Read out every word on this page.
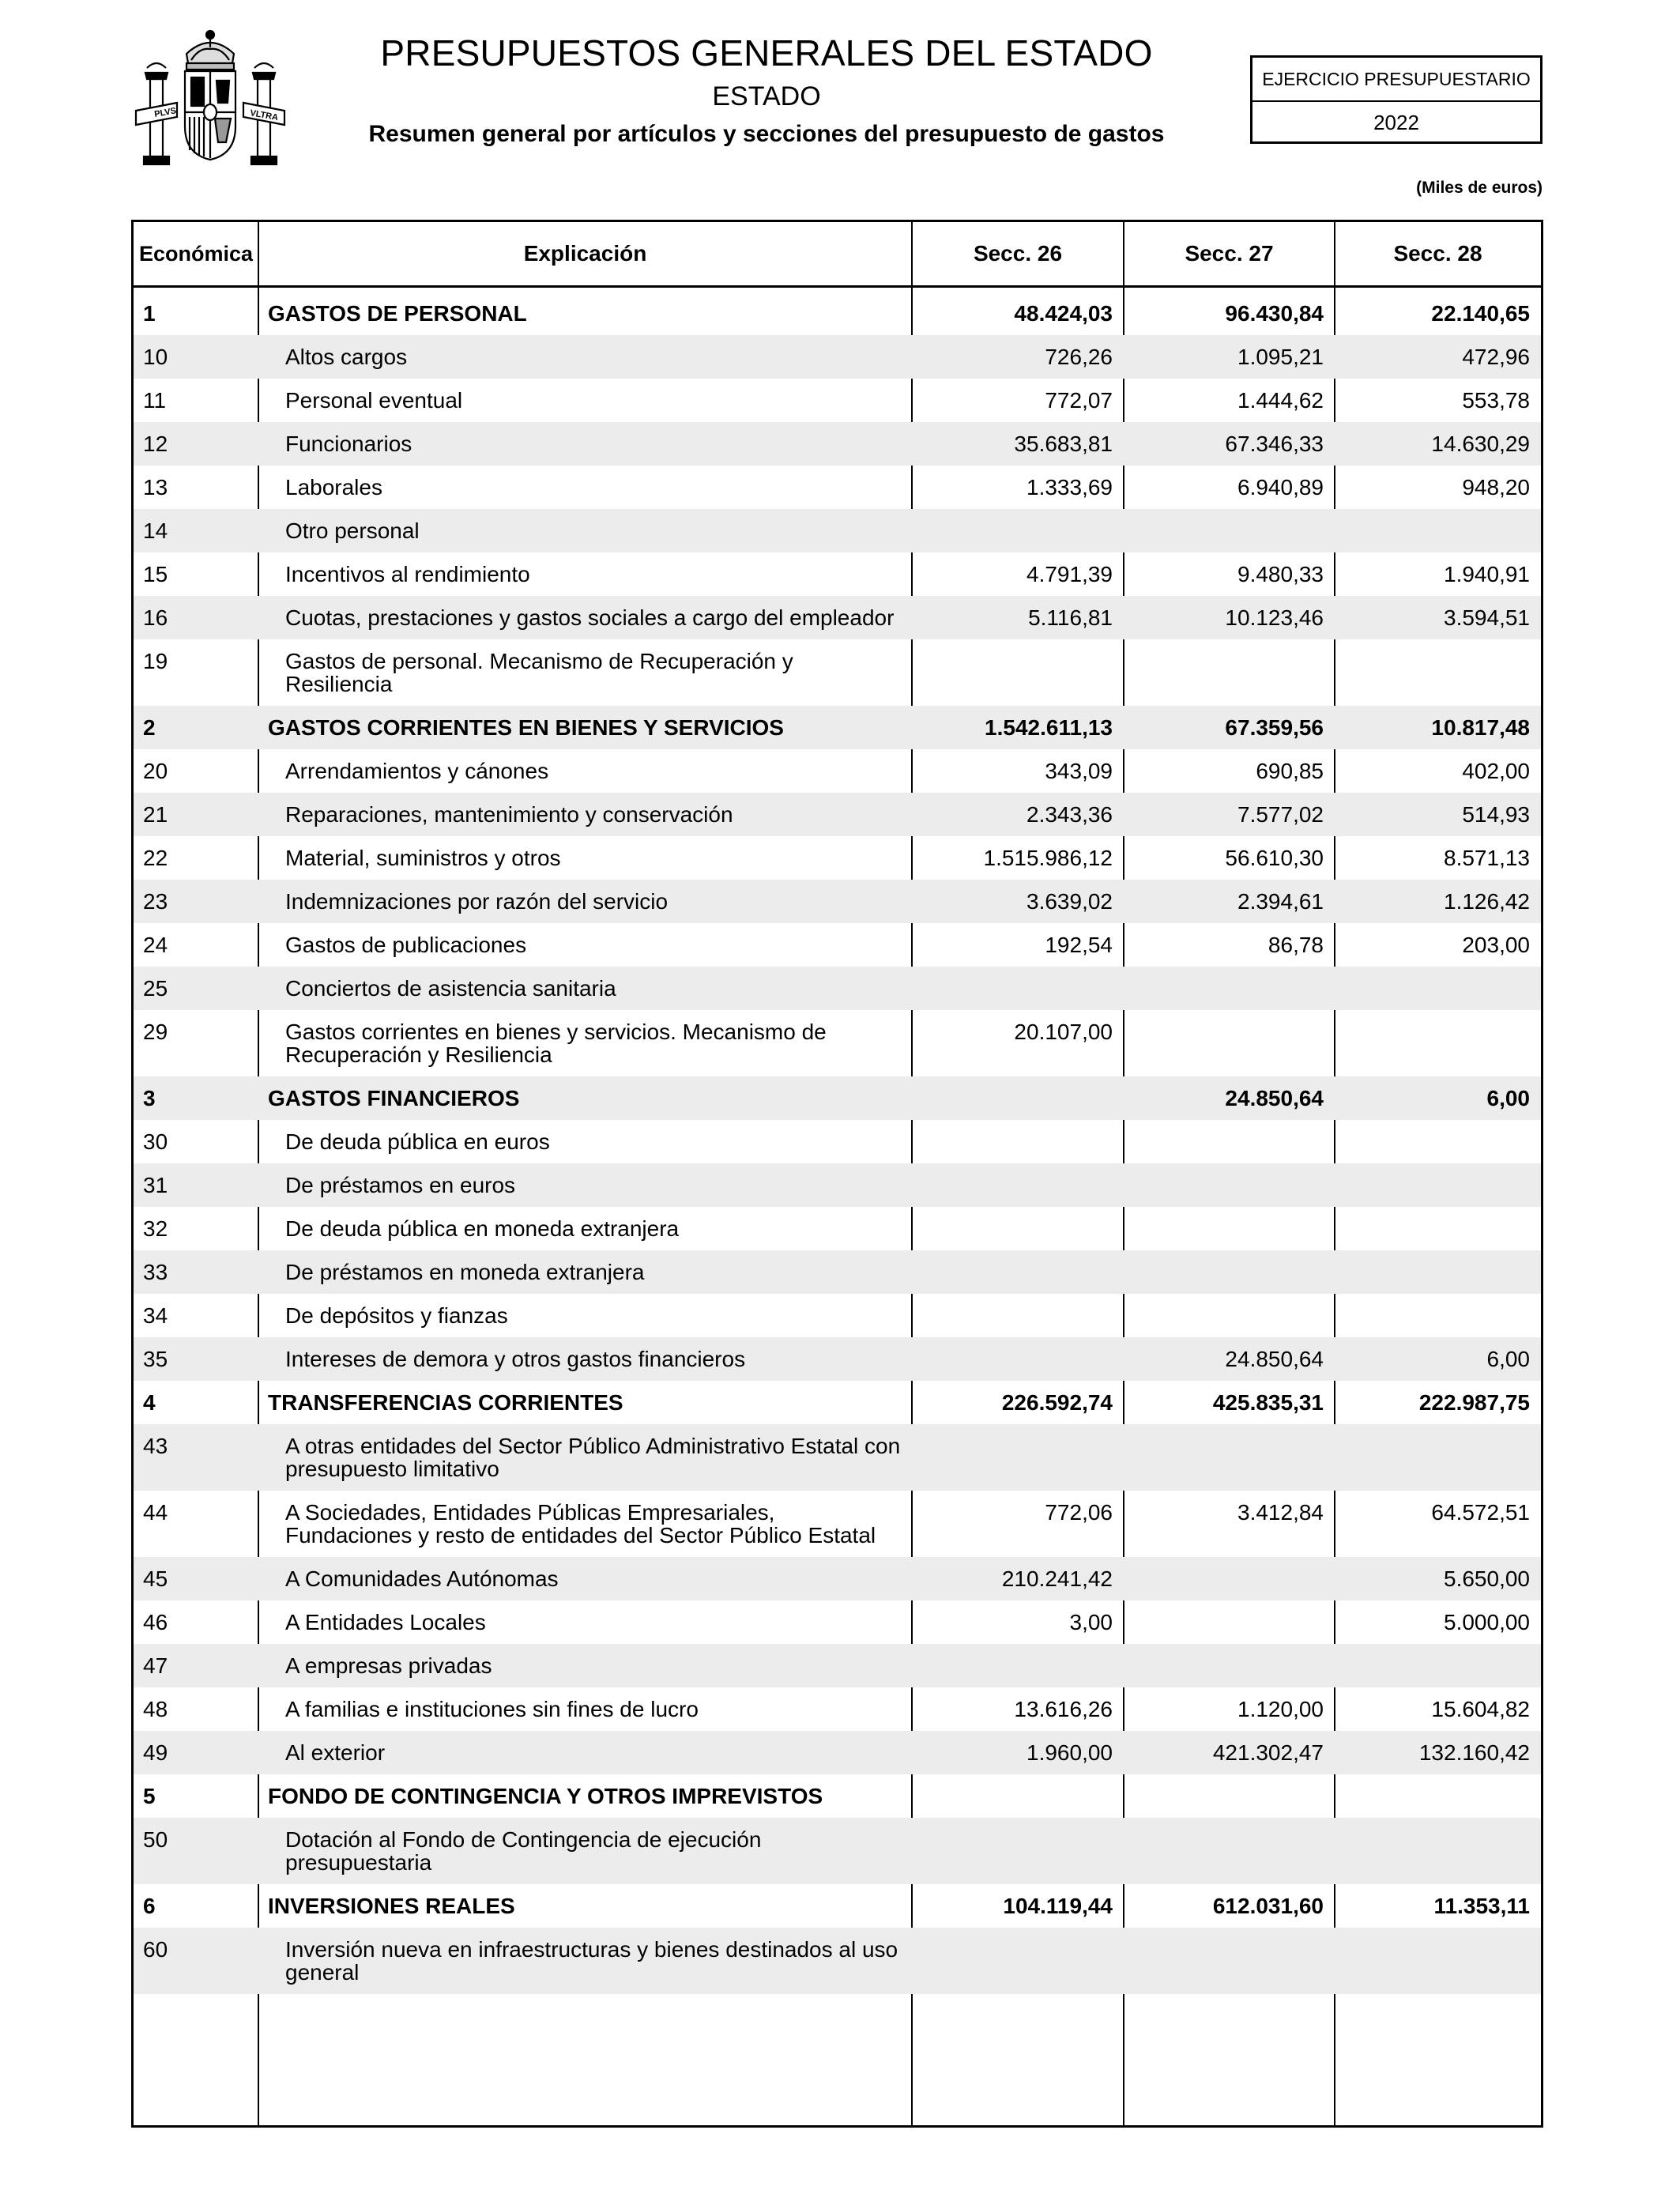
PLVS	VLTRA
PRESUPUESTOS GENERALES DEL ESTADO
ESTADO
Resumen general por artículos y secciones del presupuesto de gastos
EJERCICIO PRESUPUESTARIO
2022
(Miles de euros)
Económica	Explicación	Secc. 26	Secc. 27	Secc. 28
1	GASTOS DE PERSONAL	48.424,03	96.430,84	22.140,65
10	Altos cargos	726,26	1.095,21	472,96
11	Personal eventual	772,07	1.444,62	553,78
12	Funcionarios	35.683,81	67.346,33	14.630,29
13	Laborales	1.333,69	6.940,89	948,20
14	Otro personal			
15	Incentivos al rendimiento	4.791,39	9.480,33	1.940,91
16	Cuotas, prestaciones y gastos sociales a cargo del empleador	5.116,81	10.123,46	3.594,51
19	Gastos de personal. Mecanismo de Recuperación y Resiliencia			
2	GASTOS CORRIENTES EN BIENES Y SERVICIOS	1.542.611,13	67.359,56	10.817,48
20	Arrendamientos y cánones	343,09	690,85	402,00
21	Reparaciones, mantenimiento y conservación	2.343,36	7.577,02	514,93
22	Material, suministros y otros	1.515.986,12	56.610,30	8.571,13
23	Indemnizaciones por razón del servicio	3.639,02	2.394,61	1.126,42
24	Gastos de publicaciones	192,54	86,78	203,00
25	Conciertos de asistencia sanitaria			
29	Gastos corrientes en bienes y servicios. Mecanismo de Recuperación y Resiliencia	20.107,00		
3	GASTOS FINANCIEROS		24.850,64	6,00
30	De deuda pública en euros			
31	De préstamos en euros			
32	De deuda pública en moneda extranjera			
33	De préstamos en moneda extranjera			
34	De depósitos y fianzas			
35	Intereses de demora y otros gastos financieros		24.850,64	6,00
4	TRANSFERENCIAS CORRIENTES	226.592,74	425.835,31	222.987,75
43	A otras entidades del Sector Público Administrativo Estatal con presupuesto limitativo			
44	A Sociedades, Entidades Públicas Empresariales, Fundaciones y resto de entidades del Sector Público Estatal	772,06	3.412,84	64.572,51
45	A Comunidades Autónomas	210.241,42		5.650,00
46	A Entidades Locales	3,00		5.000,00
47	A empresas privadas			
48	A familias e instituciones sin fines de lucro	13.616,26	1.120,00	15.604,82
49	Al exterior	1.960,00	421.302,47	132.160,42
5	FONDO DE CONTINGENCIA Y OTROS IMPREVISTOS			
50	Dotación al Fondo de Contingencia de ejecución presupuestaria			
6	INVERSIONES REALES	104.119,44	612.031,60	11.353,11
60	Inversión nueva en infraestructuras y bienes destinados al uso general			
